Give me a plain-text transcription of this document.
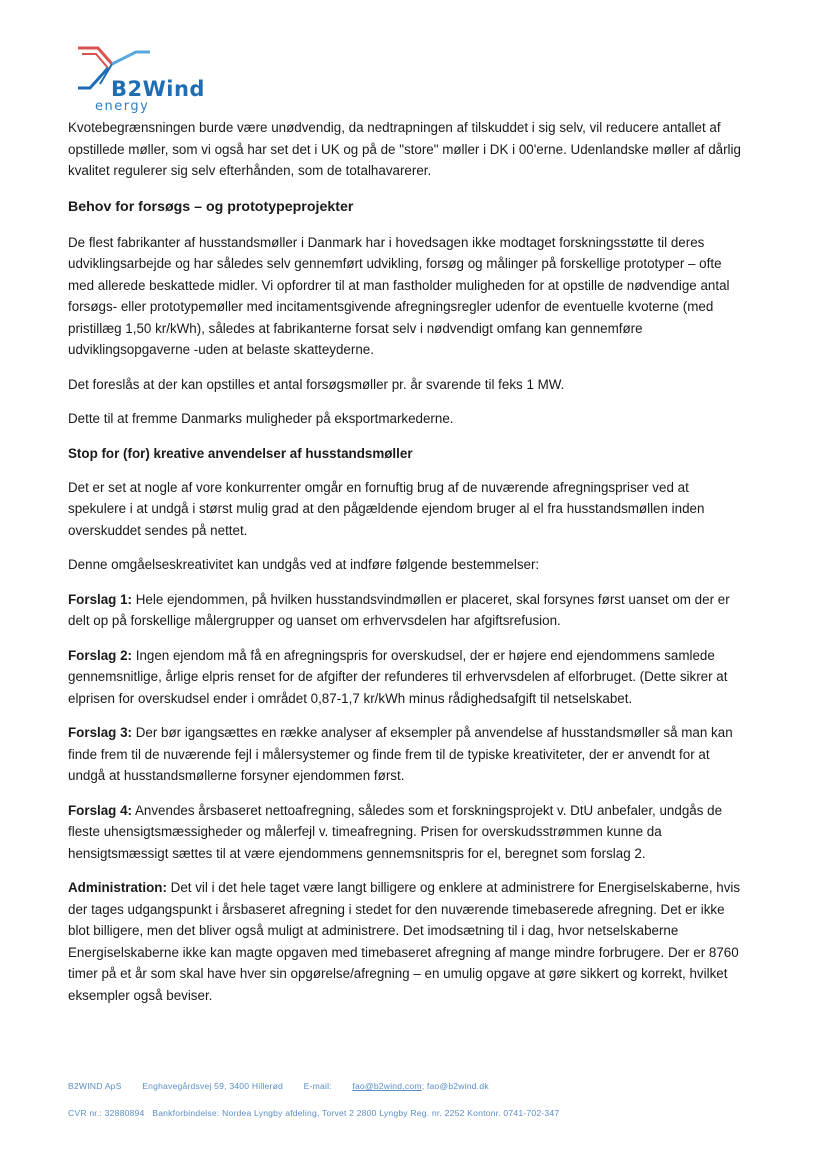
B2Wind
energy

Kvotebegrænsningen burde være unødvendig, da nedtrapningen af tilskuddet i sig selv, vil reducere antallet af opstillede møller, som vi også har set det i UK og på de "store" møller i DK i 00'erne. Udenlandske møller af dårlig kvalitet regulerer sig selv efterhånden, som de totalhavarerer.

Behov for forsøgs – og prototypeprojekter

De flest fabrikanter af husstandsmøller i Danmark har i hovedsagen ikke modtaget forskningsstøtte til deres udviklingsarbejde og har således selv gennemført udvikling, forsøg og målinger på forskellige prototyper – ofte med allerede beskattede midler. Vi opfordrer til at man fastholder muligheden for at opstille de nødvendige antal forsøgs- eller prototypemøller med incitamentsgivende afregningsregler udenfor de eventuelle kvoterne (med pristillæg 1,50 kr/kWh), således at fabrikanterne forsat selv i nødvendigt omfang kan gennemføre udviklingsopgaverne -uden at belaste skatteyderne.

Det foreslås at der kan opstilles et antal forsøgsmøller pr. år svarende til feks 1 MW.

Dette til at fremme Danmarks muligheder på eksportmarkederne.

Stop for (for) kreative anvendelser af husstandsmøller

Det er set at nogle af vore konkurrenter omgår en fornuftig brug af de nuværende afregningspriser ved at spekulere i at undgå i størst mulig grad at den pågældende ejendom bruger al el fra husstandsmøllen inden overskuddet sendes på nettet.

Denne omgåelseskreativitet kan undgås ved at indføre følgende bestemmelser:

Forslag 1: Hele ejendommen, på hvilken husstandsvindmøllen er placeret, skal forsynes først uanset om der er delt op på forskellige målergrupper og uanset om erhvervsdelen har afgiftsrefusion.

Forslag 2: Ingen ejendom må få en afregningspris for overskudsel, der er højere end ejendommens samlede gennemsnitlige, årlige elpris renset for de afgifter der refunderes til erhvervsdelen af elforbruget. (Dette sikrer at elprisen for overskudsel ender i området 0,87-1,7 kr/kWh minus rådighedsafgift til netselskabet.

Forslag 3: Der bør igangsættes en række analyser af eksempler på anvendelse af husstandsmøller så man kan finde frem til de nuværende fejl i målersystemer og finde frem til de typiske kreativiteter, der er anvendt for at undgå at husstandsmøllerne forsyner ejendommen først.

Forslag 4: Anvendes årsbaseret nettoafregning, således som et forskningsprojekt v. DtU anbefaler, undgås de fleste uhensigtsmæssigheder og målerfejl v. timeafregning. Prisen for overskudsstrømmen kunne da hensigtsmæssigt sættes til at være ejendommens gennemsnitspris for el, beregnet som forslag 2.

Administration: Det vil i det hele taget være langt billigere og enklere at administrere for Energiselskaberne, hvis der tages udgangspunkt i årsbaseret afregning i stedet for den nuværende timebaserede afregning. Det er ikke blot billigere, men det bliver også muligt at administrere. Det imodsætning til i dag, hvor netselskaberne Energiselskaberne ikke kan magte opgaven med timebaseret afregning af mange mindre forbrugere. Der er 8760 timer på et år som skal have hver sin opgørelse/afregning – en umulig opgave at gøre sikkert og korrekt, hvilket eksempler også beviser.

B2WIND ApS Enghavegårdsvej 59, 3400 Hillerød E-mail: fao@b2wind.com; fao@b2wind.dk
CVR nr.: 32880894 Bankforbindelse: Nordea Lyngby afdeling, Torvet 2 2800 Lyngby Reg. nr. 2252 Kontonr. 0741-702-347
